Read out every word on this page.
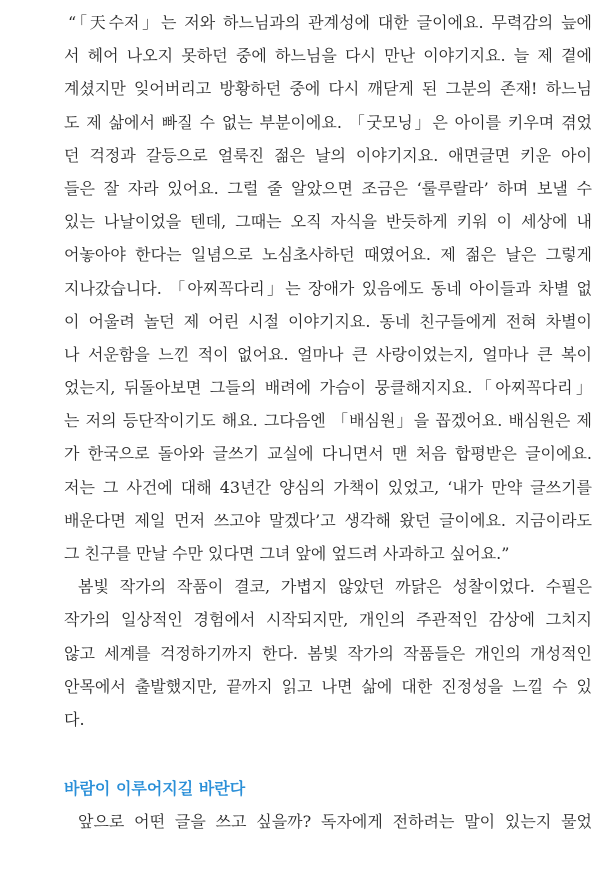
“「天수저」는 저와 하느님과의 관계성에 대한 글이에요. 무력감의 늪에
서 헤어 나오지 못하던 중에 하느님을 다시 만난 이야기지요. 늘 제 곁에
계셨지만 잊어버리고 방황하던 중에 다시 깨닫게 된 그분의 존재! 하느님
도 제 삶에서 빠질 수 없는 부분이에요. 「굿모닝」은 아이를 키우며 겪었
던 걱정과 갈등으로 얼룩진 젊은 날의 이야기지요. 애면글면 키운 아이
들은 잘 자라 있어요. 그럴 줄 알았으면 조금은 ‘룰루랄라’ 하며 보낼 수
있는 나날이었을 텐데, 그때는 오직 자식을 반듯하게 키워 이 세상에 내
어놓아야 한다는 일념으로 노심초사하던 때였어요. 제 젊은 날은 그렇게
지나갔습니다. 「아찌꼭다리」는 장애가 있음에도 동네 아이들과 차별 없
이 어울려 놀던 제 어린 시절 이야기지요. 동네 친구들에게 전혀 차별이
나 서운함을 느낀 적이 없어요. 얼마나 큰 사랑이었는지, 얼마나 큰 복이
었는지, 뒤돌아보면 그들의 배려에 가슴이 뭉클해지지요.「아찌꼭다리」
는 저의 등단작이기도 해요. 그다음엔 「배심원」을 꼽겠어요. 배심원은 제
가 한국으로 돌아와 글쓰기 교실에 다니면서 맨 처음 합평받은 글이에요.
저는 그 사건에 대해 43년간 양심의 가책이 있었고, ‘내가 만약 글쓰기를
배운다면 제일 먼저 쓰고야 말겠다’고 생각해 왔던 글이에요. 지금이라도
그 친구를 만날 수만 있다면 그녀 앞에 엎드려 사과하고 싶어요.”
봄빛 작가의 작품이 결코, 가볍지 않았던 까닭은 성찰이었다. 수필은
작가의 일상적인 경험에서 시작되지만, 개인의 주관적인 감상에 그치지
않고 세계를 걱정하기까지 한다. 봄빛 작가의 작품들은 개인의 개성적인
안목에서 출발했지만, 끝까지 읽고 나면 삶에 대한 진정성을 느낄 수 있
다.
바람이 이루어지길 바란다
앞으로 어떤 글을 쓰고 싶을까? 독자에게 전하려는 말이 있는지 물었
